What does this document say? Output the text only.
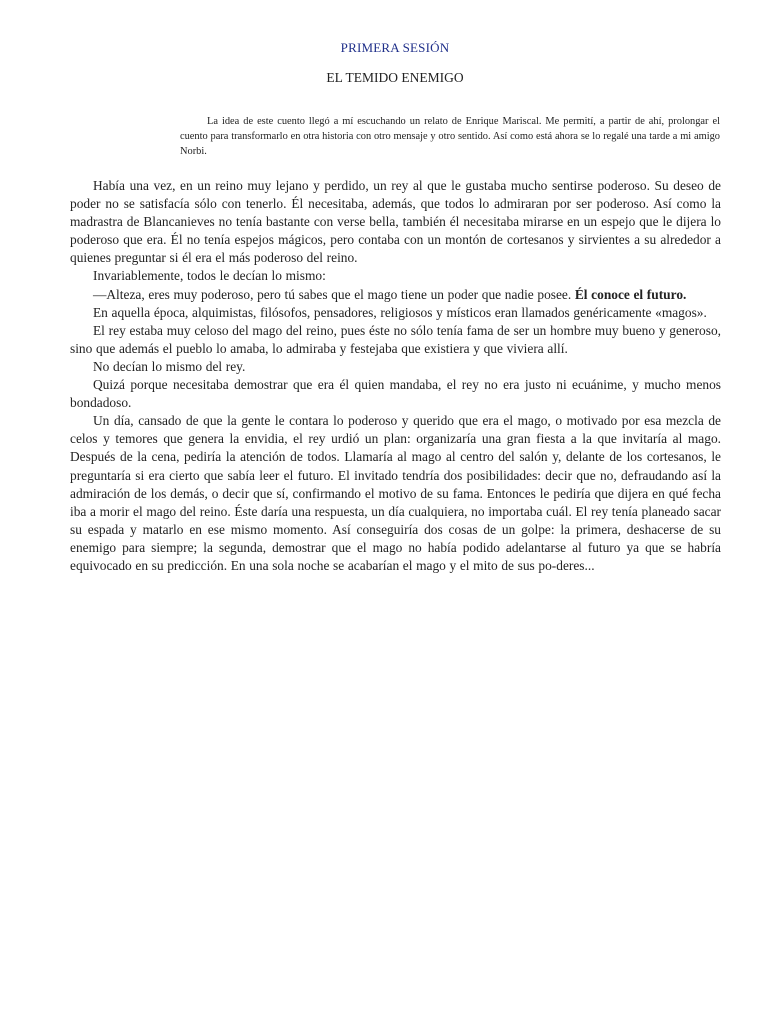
PRIMERA SESIÓN
EL TEMIDO ENEMIGO

La idea de este cuento llegó a mí escuchando un relato de Enrique Mariscal. Me permití, a partir de ahí, prolongar el cuento para transformarlo en otra historia con otro mensaje y otro sentido. Así como está ahora se lo regalé una tarde a mi amigo Norbi.

Había una vez, en un reino muy lejano y perdido, un rey al que le gustaba mucho sentirse poderoso. Su deseo de poder no se satisfacía sólo con tenerlo. Él necesitaba, además, que todos lo admiraran por ser poderoso. Así como la madrastra de Blancanieves no tenía bastante con verse bella, también él necesitaba mirarse en un espejo que le dijera lo poderoso que era. Él no tenía espejos mágicos, pero contaba con un montón de cortesanos y sirvientes a su alrededor a quienes preguntar si él era el más poderoso del reino.

Invariablemente, todos le decían lo mismo:

—Alteza, eres muy poderoso, pero tú sabes que el mago tiene un poder que nadie posee. Él conoce el futuro.

En aquella época, alquimistas, filósofos, pensadores, religiosos y místicos eran llamados genéricamente «magos».

El rey estaba muy celoso del mago del reino, pues éste no sólo tenía fama de ser un hombre muy bueno y generoso, sino que además el pueblo lo amaba, lo admiraba y festejaba que existiera y que viviera allí.

No decían lo mismo del rey.

Quizá porque necesitaba demostrar que era él quien mandaba, el rey no era justo ni ecuánime, y mucho menos bondadoso.

Un día, cansado de que la gente le contara lo poderoso y querido que era el mago, o motivado por esa mezcla de celos y temores que genera la envidia, el rey urdió un plan: organizaría una gran fiesta a la que invitaría al mago. Después de la cena, pediría la atención de todos. Llamaría al mago al centro del salón y, delante de los cortesanos, le preguntaría si era cierto que sabía leer el futuro. El invitado tendría dos posibilidades: decir que no, defraudando así la admiración de los demás, o decir que sí, confirmando el motivo de su fama. Entonces le pediría que dijera en qué fecha iba a morir el mago del reino. Éste daría una respuesta, un día cualquiera, no importaba cuál. El rey tenía planeado sacar su espada y matarlo en ese mismo momento. Así conseguiría dos cosas de un golpe: la primera, deshacerse de su enemigo para siempre; la segunda, demostrar que el mago no había podido adelantarse al futuro ya que se habría equivocado en su predicción. En una sola noche se acabarían el mago y el mito de sus po-deres...
